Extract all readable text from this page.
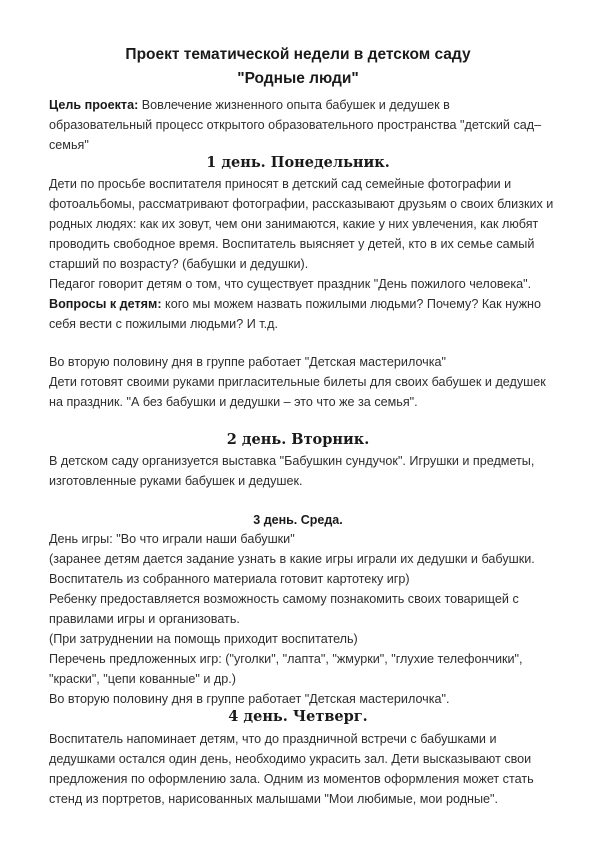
Проект тематической недели в детском саду
"Родные люди"
Цель проекта: Вовлечение жизненного опыта бабушек и дедушек в
образовательный процесс открытого образовательного пространства "детский сад–
семья"
1 день. Понедельник.
Дети по просьбе воспитателя приносят в детский сад семейные фотографии и
фотоальбомы, рассматривают фотографии, рассказывают друзьям о своих близких и
родных людях: как их зовут, чем они занимаются, какие у них увлечения, как любят
проводить свободное время. Воспитатель выясняет у детей, кто в их семье самый
старший по возрасту? (бабушки и дедушки).
Педагог говорит детям о том, что существует праздник "День пожилого человека".
Вопросы к детям: кого мы можем назвать пожилыми людьми? Почему? Как нужно
себя вести с пожилыми людьми? И т.д.
Во вторую половину дня в группе работает "Детская мастерилочка"
Дети готовят своими руками пригласительные билеты для своих бабушек и дедушек
на праздник. "А без бабушки и дедушки – это что же за семья".
2 день. Вторник.
В детском саду организуется выставка "Бабушкин сундучок". Игрушки и предметы,
изготовленные руками бабушек и дедушек.
3 день. Среда.
День игры: "Во что играли наши бабушки"
(заранее детям дается задание узнать в какие игры играли их дедушки и бабушки.
Воспитатель из собранного материала готовит картотеку игр)
Ребенку предоставляется возможность самому познакомить своих товарищей с
правилами игры и организовать.
(При затруднении на помощь приходит воспитатель)
Перечень предложенных игр: ("уголки", "лапта", "жмурки", "глухие телефончики",
"краски", "цепи кованные" и др.)
Во вторую половину дня в группе работает "Детская мастерилочка".
4 день. Четверг.
Воспитатель напоминает детям, что до праздничной встречи с бабушками и
дедушками остался один день, необходимо украсить зал. Дети высказывают свои
предложения по оформлению зала. Одним из моментов оформления может стать
стенд из портретов, нарисованных малышами "Мои любимые, мои родные".
